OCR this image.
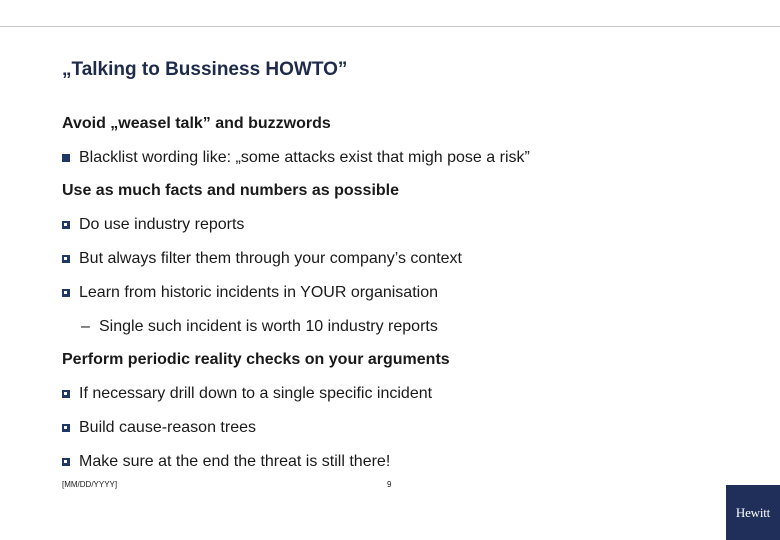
„Talking to Bussiness HOWTO”
Avoid „weasel talk” and buzzwords
Blacklist wording like: „some attacks exist that migh pose a risk”
Use as much facts and numbers as possible
Do use industry reports
But always filter them through your company’s context
Learn from historic incidents in YOUR organisation
– Single such incident is worth 10 industry reports
Perform periodic reality checks on your arguments
If necessary drill down to a single specific incident
Build cause-reason trees
Make sure at the end the threat is still there!
[MM/DD/YYYY]	9
Hewitt
